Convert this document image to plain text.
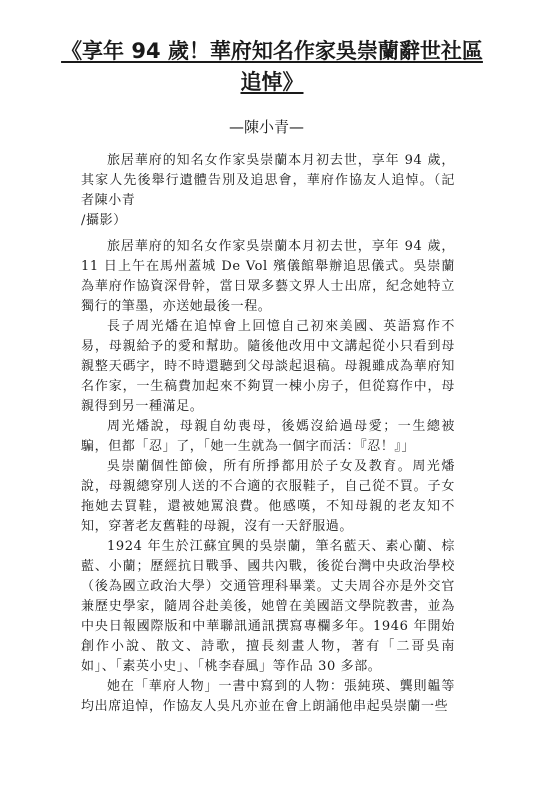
《享年 94 歲！華府知名作家吳崇蘭辭世社區追悼》
—陳小青—

旅居華府的知名女作家吳崇蘭本月初去世，享年 94 歲，其家人先後舉行遺體告別及追思會，華府作協友人追悼。（記者陳小青

/攝影）

旅居華府的知名女作家吳崇蘭本月初去世，享年 94 歲，11 日上午在馬州蓋城 De Vol 殯儀館舉辦追思儀式。吳崇蘭為華府作協資深骨幹，當日眾多藝文界人士出席，紀念她特立獨行的筆墨，亦送她最後一程。

長子周光燔在追悼會上回憶自己初來美國、英語寫作不易，母親給予的愛和幫助。隨後他改用中文講起從小只看到母親整天碼字，時不時還聽到父母談起退稿。母親雖成為華府知名作家，一生稿費加起來不夠買一棟小房子，但從寫作中，母親得到另一種滿足。

周光燔說，母親自幼喪母，後媽沒給過母愛；一生總被騙，但都「忍」了，「她一生就為一個字而活：『忍！』」

吳崇蘭個性節儉，所有所掙都用於子女及教育。周光燔說，母親總穿別人送的不合適的衣服鞋子，自己從不買。子女拖她去買鞋，還被她罵浪費。他感嘆，不知母親的老友知不知，穿著老友舊鞋的母親，沒有一天舒服過。

1924 年生於江蘇宜興的吳崇蘭，筆名藍天、素心蘭、棕藍、小蘭；歷經抗日戰爭、國共內戰，後從台灣中央政治學校（後為國立政治大學）交通管理科畢業。丈夫周谷亦是外交官兼歷史學家，隨周谷赴美後，她曾在美國語文學院教書，並為中央日報國際版和中華聯訊通訊撰寫專欄多年。1946 年開始創作小說、散文、詩歌，擅長刻畫人物，著有「二哥吳南如」、「素英小史」、「桃李春風」等作品 30 多部。

她在「華府人物」一書中寫到的人物：張純瑛、龔則韞等均出席追悼，作協友人吳凡亦並在會上朗誦他串起吳崇蘭一些
